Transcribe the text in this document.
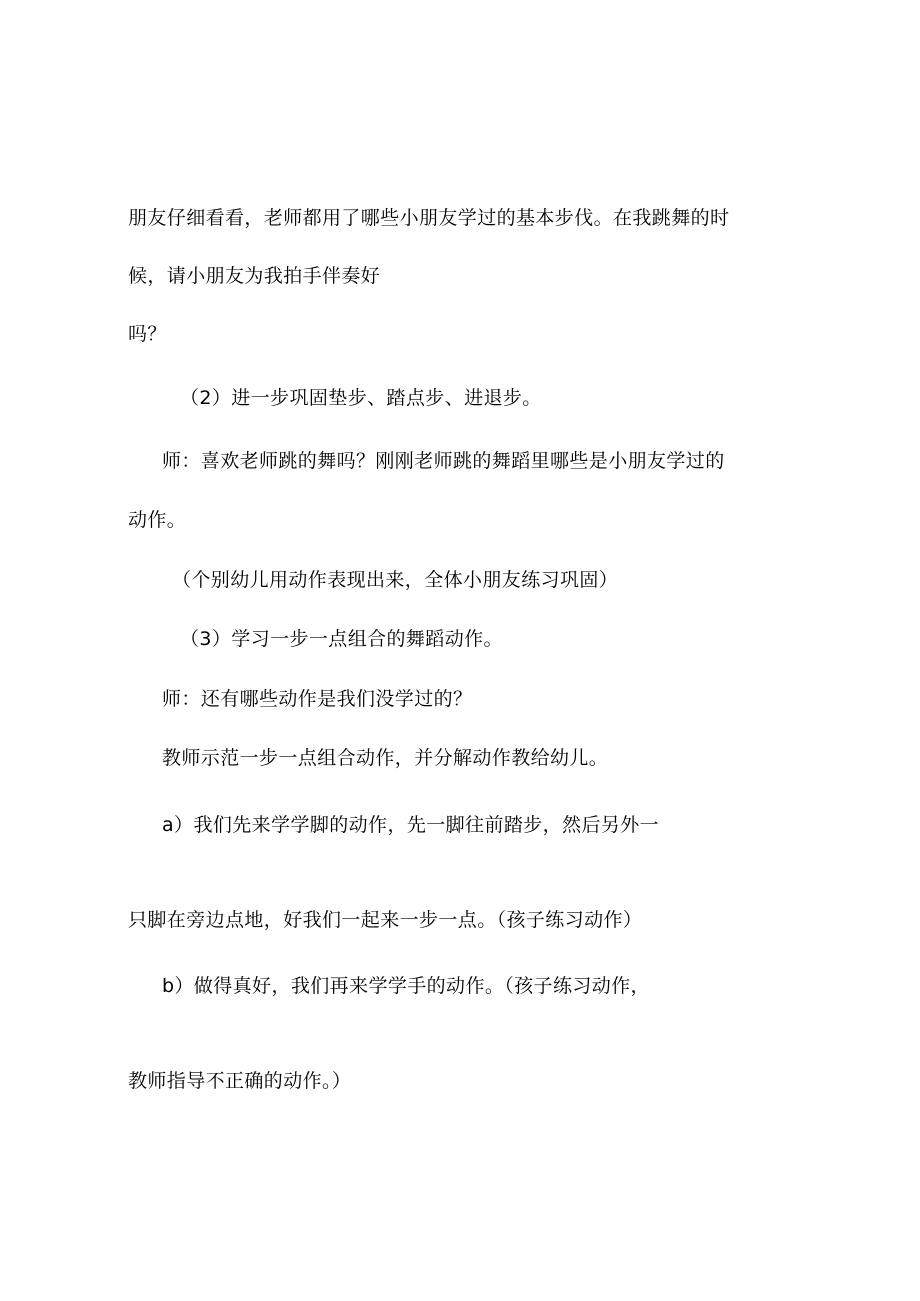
朋友仔细看看，老师都用了哪些小朋友学过的基本步伐。在我跳舞的时
候，请小朋友为我拍手伴奏好
吗？
（2）进一步巩固垫步、踏点步、进退步。
师：喜欢老师跳的舞吗？刚刚老师跳的舞蹈里哪些是小朋友学过的
动作。
（个别幼儿用动作表现出来，全体小朋友练习巩固）
（3）学习一步一点组合的舞蹈动作。
师：还有哪些动作是我们没学过的？
教师示范一步一点组合动作，并分解动作教给幼儿。
a）我们先来学学脚的动作，先一脚往前踏步，然后另外一
只脚在旁边点地，好我们一起来一步一点。（孩子练习动作）
b）做得真好，我们再来学学手的动作。（孩子练习动作，
教师指导不正确的动作。）
